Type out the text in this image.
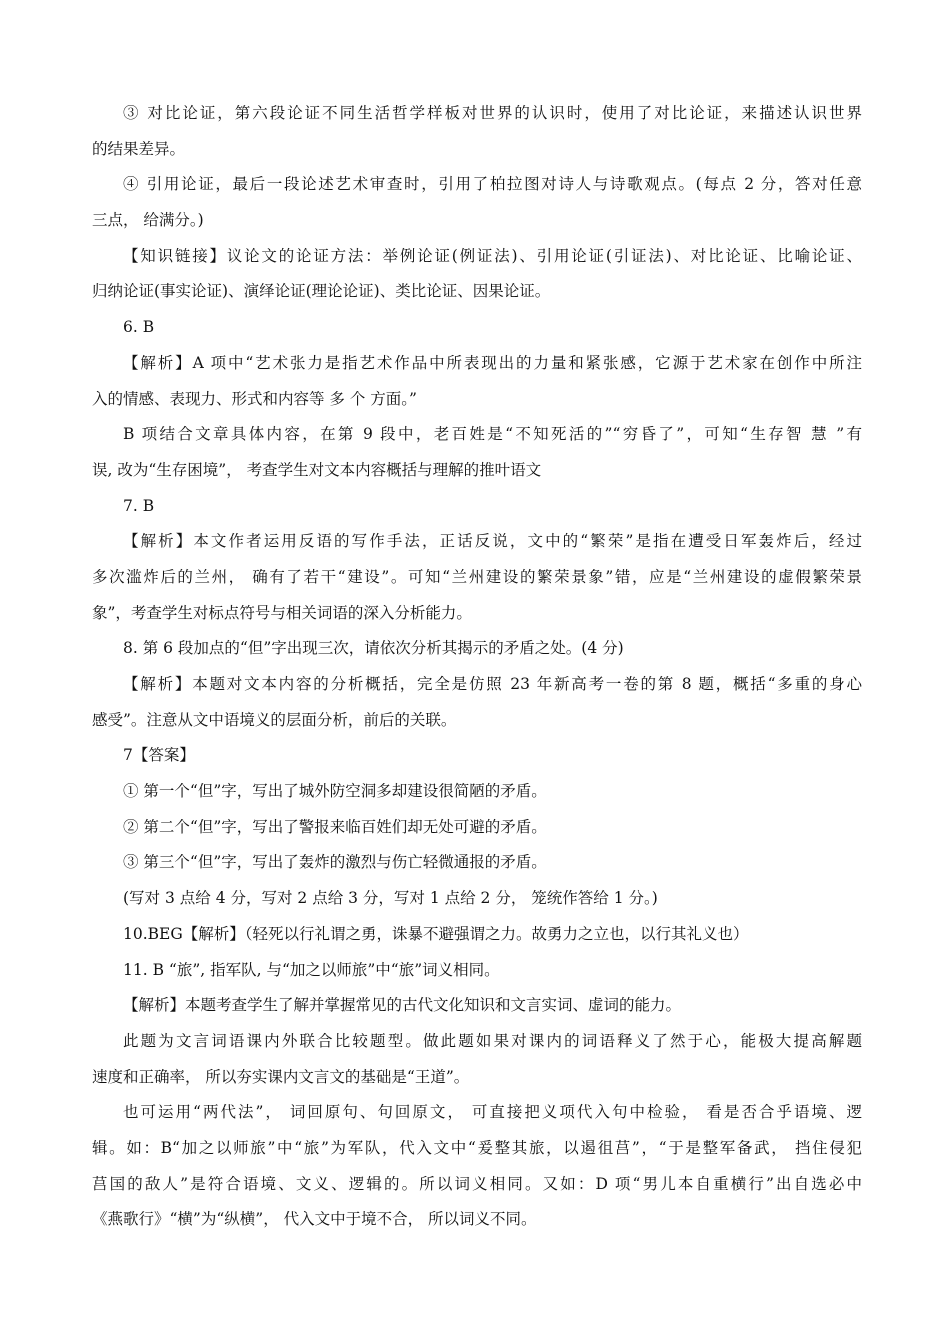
③ 对比论证，第六段论证不同生活哲学样板对世界的认识时，使用了对比论证，来描述认识世界
的结果差异。
④ 引用论证，最后一段论述艺术审查时，引用了柏拉图对诗人与诗歌观点。(每点 2 分，答对任意
三点， 给满分。)
【知识链接】议论文的论证方法：举例论证(例证法)、引用论证(引证法)、对比论证、比喻论证、
归纳论证(事实论证)、演绎论证(理论论证)、类比论证、因果论证。
6. B
【解析】A 项中“艺术张力是指艺术作品中所表现出的力量和紧张感，它源于艺术家在创作中所注
入的情感、表现力、形式和内容等 多 个 方面。”
B 项结合文章具体内容，在第 9 段中，老百姓是“不知死活的”“穷昏了”，可知“生存智 慧 ”有
误, 改为“生存困境”， 考查学生对文本内容概括与理解的推叶语文
7. B
【解析】本文作者运用反语的写作手法，正话反说，文中的“繁荣”是指在遭受日军轰炸后，经过
多次滥炸后的兰州， 确有了若干“建设”。可知“兰州建设的繁荣景象”错，应是“兰州建设的虚假繁荣景
象”，考查学生对标点符号与相关词语的深入分析能力。
8. 第 6 段加点的“但”字出现三次，请依次分析其揭示的矛盾之处。(4 分)
【解析】本题对文本内容的分析概括，完全是仿照 23 年新高考一卷的第 8 题，概括“多重的身心
感受”。注意从文中语境义的层面分析，前后的关联。
7【答案】
① 第一个“但”字，写出了城外防空洞多却建设很简陋的矛盾。
② 第二个“但”字，写出了警报来临百姓们却无处可避的矛盾。
③ 第三个“但”字，写出了轰炸的激烈与伤亡轻微通报的矛盾。
(写对 3 点给 4 分，写对 2 点给 3 分，写对 1 点给 2 分， 笼统作答给 1 分。)
10.BEG【解析】（轻死以行礼谓之勇，诛暴不避强谓之力。故勇力之立也，以行其礼义也）
11. B “旅”, 指军队, 与“加之以师旅”中“旅”词义相同。
【解析】本题考查学生了解并掌握常见的古代文化知识和文言实词、虚词的能力。
此题为文言词语课内外联合比较题型。做此题如果对课内的词语释义了然于心，能极大提高解题
速度和正确率， 所以夯实课内文言文的基础是“王道”。
也可运用“两代法”， 词回原句、句回原文， 可直接把义项代入句中检验， 看是否合乎语境、逻
辑。如：B“加之以师旅”中“旅”为军队，代入文中“爰整其旅，以遏徂莒”，“于是整军备武， 挡住侵犯
莒国的敌人”是符合语境、文义、逻辑的。所以词义相同。又如：D 项“男儿本自重横行”出自选必中
《燕歌行》“横”为“纵横”， 代入文中于境不合， 所以词义不同。
